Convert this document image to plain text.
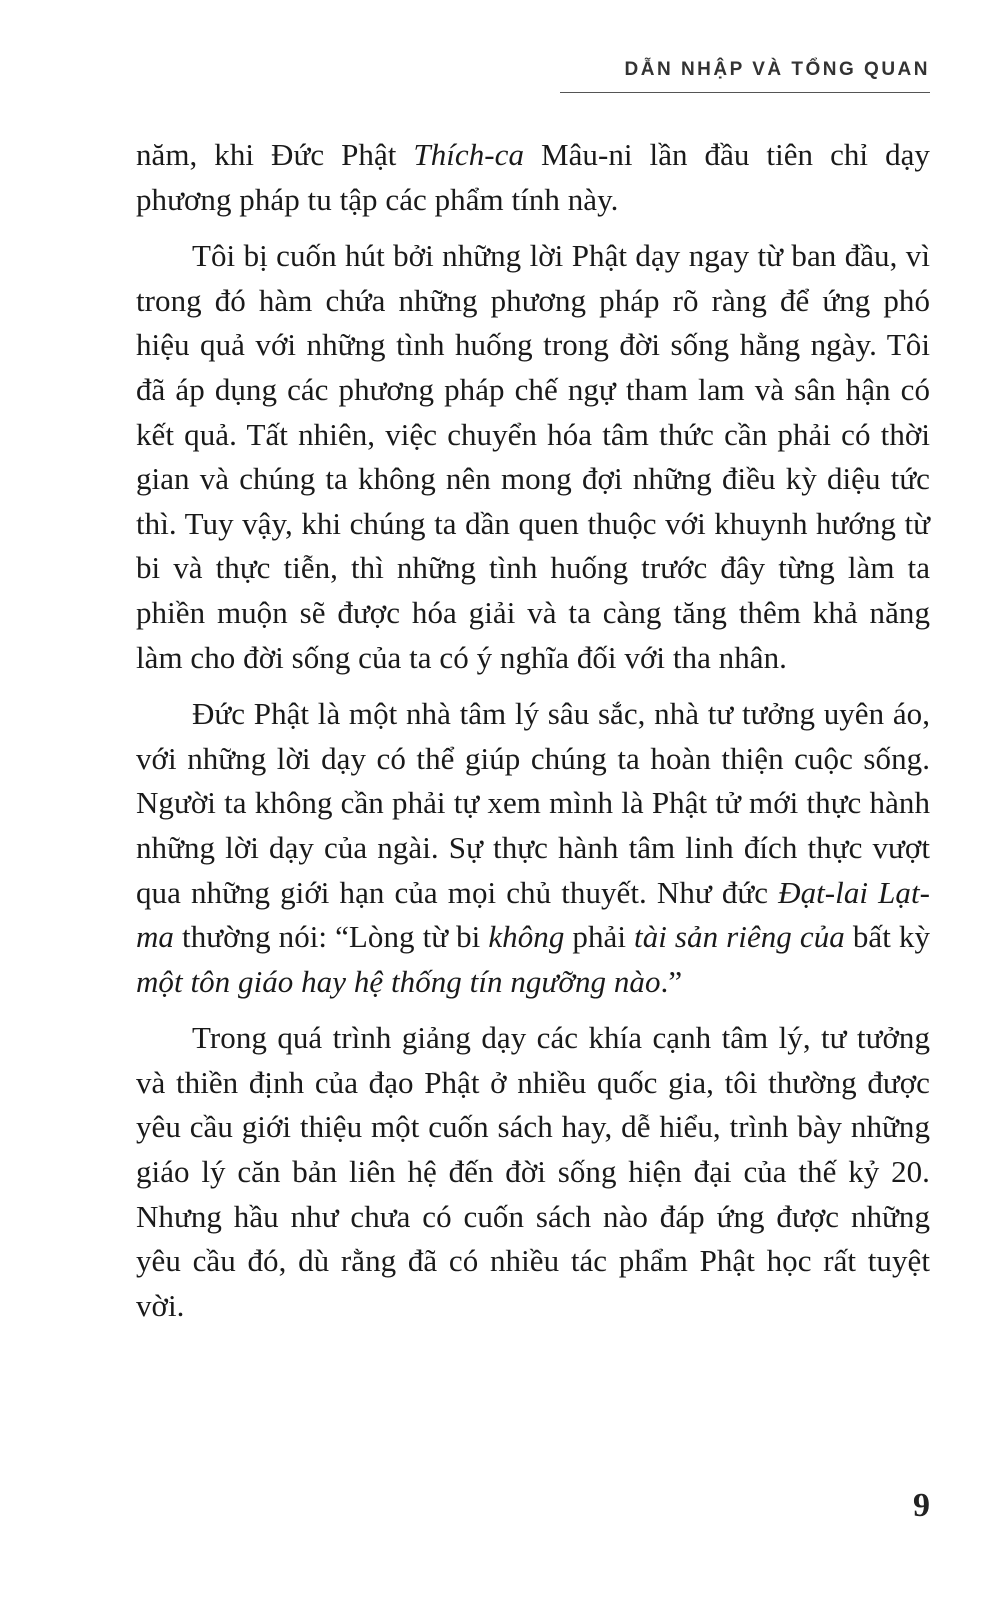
DẪN NHẬP VÀ TỔNG QUAN

năm, khi Đức Phật Thích-ca Mâu-ni lần đầu tiên chỉ dạy phương pháp tu tập các phẩm tính này.

Tôi bị cuốn hút bởi những lời Phật dạy ngay từ ban đầu, vì trong đó hàm chứa những phương pháp rõ ràng để ứng phó hiệu quả với những tình huống trong đời sống hằng ngày. Tôi đã áp dụng các phương pháp chế ngự tham lam và sân hận có kết quả. Tất nhiên, việc chuyển hóa tâm thức cần phải có thời gian và chúng ta không nên mong đợi những điều kỳ diệu tức thì. Tuy vậy, khi chúng ta dần quen thuộc với khuynh hướng từ bi và thực tiễn, thì những tình huống trước đây từng làm ta phiền muộn sẽ được hóa giải và ta càng tăng thêm khả năng làm cho đời sống của ta có ý nghĩa đối với tha nhân.

Đức Phật là một nhà tâm lý sâu sắc, nhà tư tưởng uyên áo, với những lời dạy có thể giúp chúng ta hoàn thiện cuộc sống. Người ta không cần phải tự xem mình là Phật tử mới thực hành những lời dạy của ngài. Sự thực hành tâm linh đích thực vượt qua những giới hạn của mọi chủ thuyết. Như đức Đạt-lai Lạt-ma thường nói: “Lòng từ bi không phải tài sản riêng của bất kỳ một tôn giáo hay hệ thống tín ngưỡng nào.”

Trong quá trình giảng dạy các khía cạnh tâm lý, tư tưởng và thiền định của đạo Phật ở nhiều quốc gia, tôi thường được yêu cầu giới thiệu một cuốn sách hay, dễ hiểu, trình bày những giáo lý căn bản liên hệ đến đời sống hiện đại của thế kỷ 20. Nhưng hầu như chưa có cuốn sách nào đáp ứng được những yêu cầu đó, dù rằng đã có nhiều tác phẩm Phật học rất tuyệt vời.

9
